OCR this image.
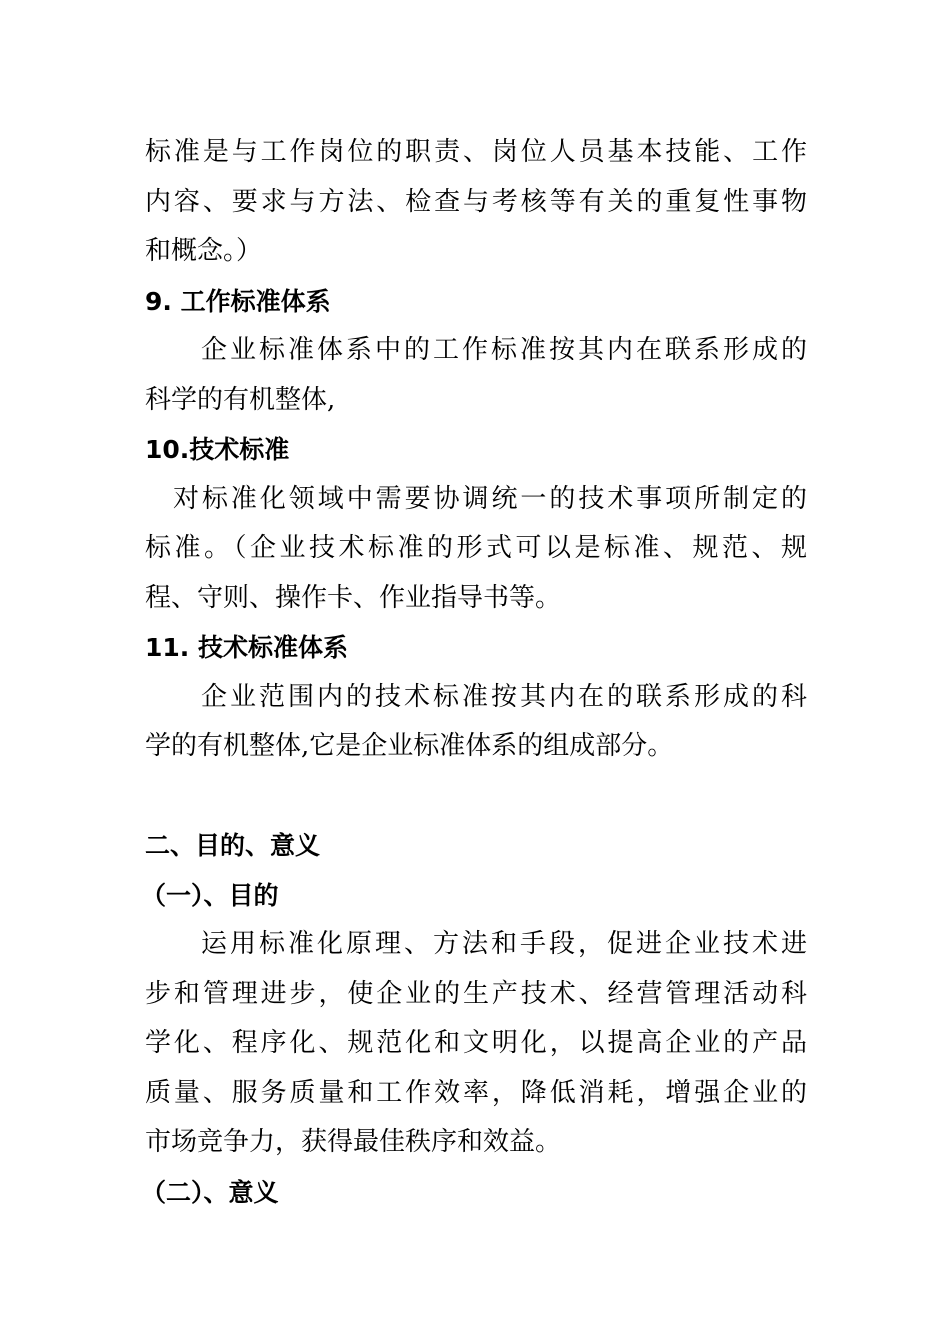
标准是与工作岗位的职责、岗位人员基本技能、工作
内容、要求与方法、检查与考核等有关的重复性事物
和概念。）
9. 工作标准体系
企业标准体系中的工作标准按其内在联系形成的
科学的有机整体,
10.技术标准
对标准化领域中需要协调统一的技术事项所制定的
标准。（企业技术标准的形式可以是标准、规范、规
程、守则、操作卡、作业指导书等。
11. 技术标准体系
企业范围内的技术标准按其内在的联系形成的科
学的有机整体,它是企业标准体系的组成部分。
二、目的、意义
（一）、目的
运用标准化原理、方法和手段，促进企业技术进
步和管理进步，使企业的生产技术、经营管理活动科
学化、程序化、规范化和文明化，以提高企业的产品
质量、服务质量和工作效率，降低消耗，增强企业的
市场竞争力，获得最佳秩序和效益。
（二）、意义
